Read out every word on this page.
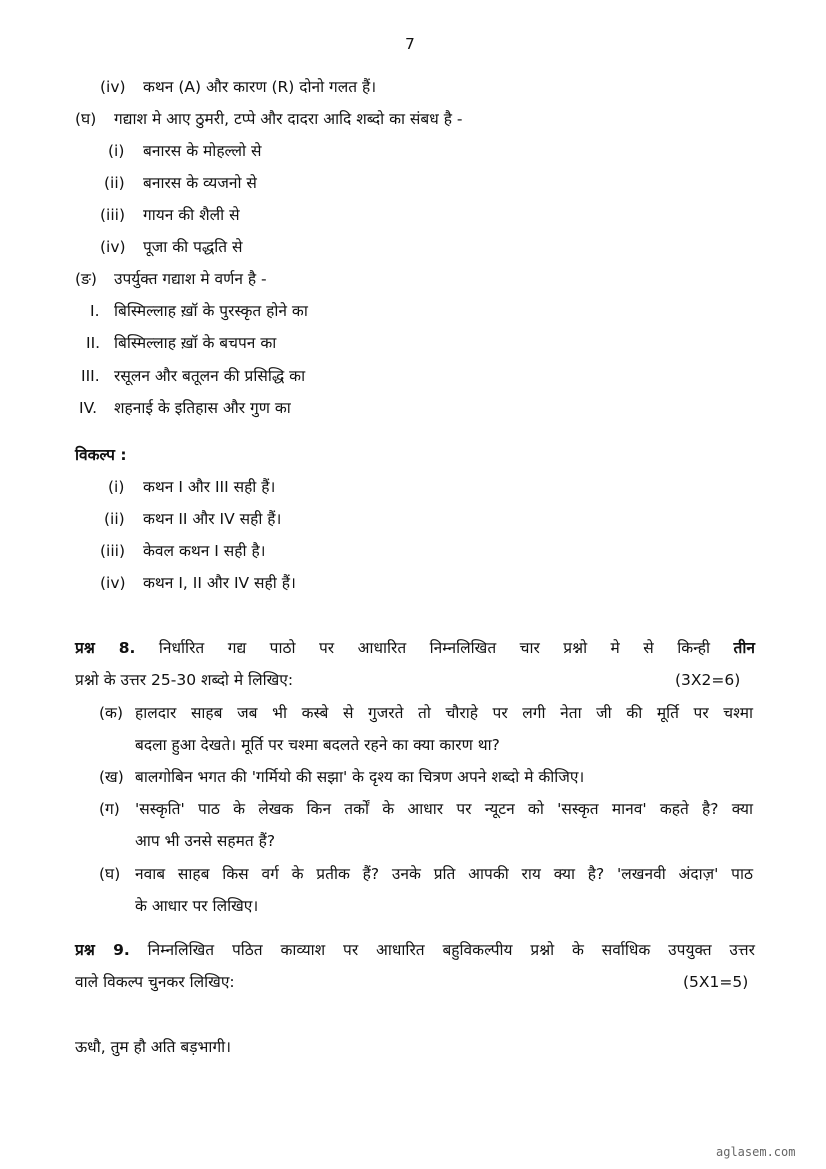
7
(iv) कथन (A) और कारण (R) दोनो गलत हैं।
(घ) गद्याश मे आए ठुमरी, टप्पे और दादरा आदि शब्दो का संबध है -
(i) बनारस के मोहल्लो से
(ii) बनारस के व्यजनो से
(iii) गायन की शैली से
(iv) पूजा की पद्धति से
(ङ) उपर्युक्त गद्याश मे वर्णन है -
I. बिस्मिल्लाह ख़ॉ के पुरस्कृत होने का
II. बिस्मिल्लाह ख़ॉ के बचपन का
III. रसूलन और बतूलन की प्रसिद्धि का
IV. शहनाई के इतिहास और गुण का
विकल्प :
(i) कथन I और III सही हैं।
(ii) कथन II और IV सही हैं।
(iii) केवल कथन I सही है।
(iv) कथन I, II और IV सही हैं।
प्रश्न 8. निर्धारित गद्य पाठो पर आधारित निम्नलिखित चार प्रश्नो मे से किन्ही तीन
प्रश्नो के उत्तर 25-30 शब्दो मे लिखिए:	(3X2=6)
(क) हालदार साहब जब भी कस्बे से गुजरते तो चौराहे पर लगी नेता जी की मूर्ति पर चश्मा
बदला हुआ देखते। मूर्ति पर चश्मा बदलते रहने का क्या कारण था?
(ख) बालगोबिन भगत की 'गर्मियो की सझा' के दृश्य का चित्रण अपने शब्दो मे कीजिए।
(ग) 'सस्कृति' पाठ के लेखक किन तर्कों के आधार पर न्यूटन को 'सस्कृत मानव' कहते है? क्या
आप भी उनसे सहमत हैं?
(घ) नवाब साहब किस वर्ग के प्रतीक हैं? उनके प्रति आपकी राय क्या है? 'लखनवी अंदाज़' पाठ
के आधार पर लिखिए।
प्रश्न 9. निम्नलिखित पठित काव्याश पर आधारित बहुविकल्पीय प्रश्नो के सर्वाधिक उपयुक्त उत्तर
वाले विकल्प चुनकर लिखिए:	(5X1=5)
ऊधौ, तुम हौ अति बड़भागी।
aglasem.com
